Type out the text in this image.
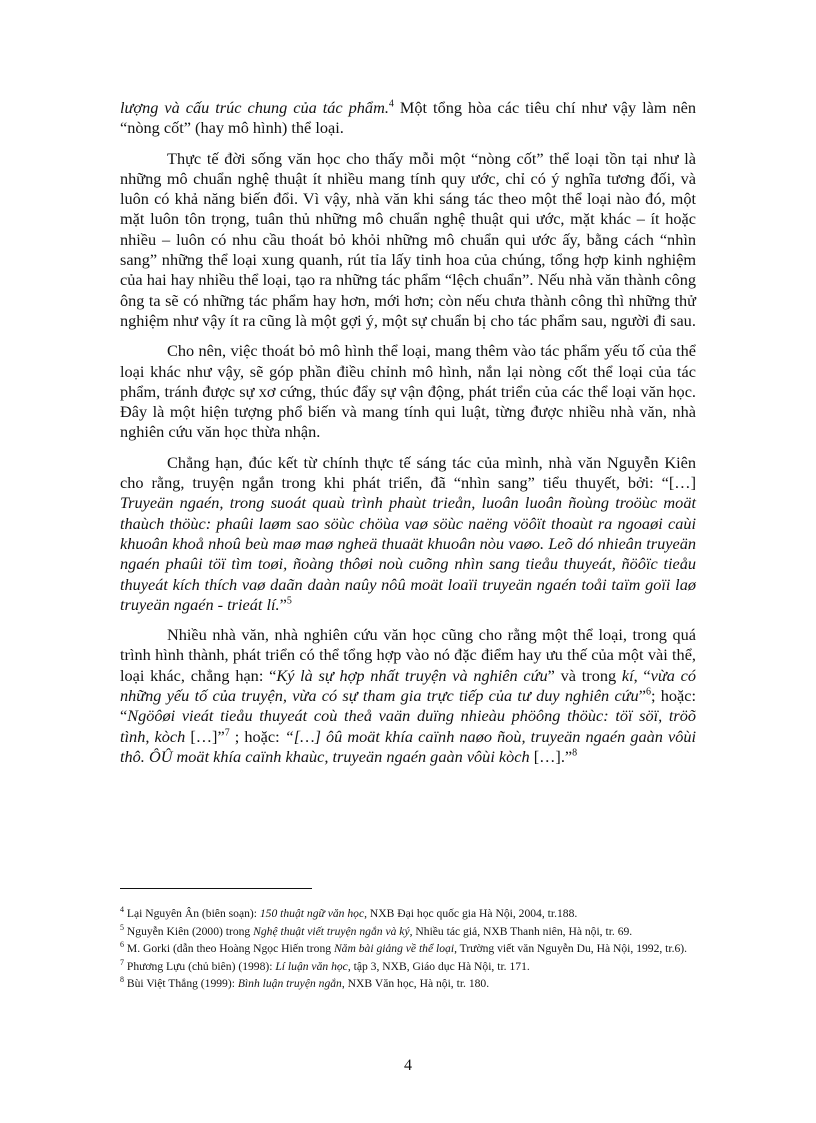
lượng và cấu trúc chung của tác phẩm.$^4$ Một tổng hòa các tiêu chí như vậy làm nên “nòng cốt” (hay mô hình) thể loại.

Thực tế đời sống văn học cho thấy mỗi một “nòng cốt” thể loại tồn tại như là những mô chuẩn nghệ thuật ít nhiều mang tính quy ước, chỉ có ý nghĩa tương đối, và luôn có khả năng biến đổi. Vì vậy, nhà văn khi sáng tác theo một thể loại nào đó, một mặt luôn tôn trọng, tuân thủ những mô chuẩn nghệ thuật qui ước, mặt khác – ít hoặc nhiều – luôn có nhu cầu thoát bỏ khỏi những mô chuẩn qui ước ấy, bằng cách “nhìn sang” những thể loại xung quanh, rút tỉa lấy tinh hoa của chúng, tổng hợp kinh nghiệm của hai hay nhiều thể loại, tạo ra những tác phẩm “lệch chuẩn”. Nếu nhà văn thành công ông ta sẽ có những tác phẩm hay hơn, mới hơn; còn nếu chưa thành công thì những thử nghiệm như vậy ít ra cũng là một gợi ý, một sự chuẩn bị cho tác phẩm sau, người đi sau.

Cho nên, việc thoát bỏ mô hình thể loại, mang thêm vào tác phẩm yếu tố của thể loại khác như vậy, sẽ góp phần điều chỉnh mô hình, nắn lại nòng cốt thể loại của tác phẩm, tránh được sự xơ cứng, thúc đẩy sự vận động, phát triển của các thể loại văn học. Đây là một hiện tượng phổ biến và mang tính qui luật, từng được nhiều nhà văn, nhà nghiên cứu văn học thừa nhận.

Chẳng hạn, đúc kết từ chính thực tế sáng tác của mình, nhà văn Nguyễn Kiên cho rằng, truyện ngắn trong khi phát triển, đã “nhìn sang” tiểu thuyết, bởi: “[…] Truyeän ngaén, trong suoát quaù trình phaùt trieån, luoân luoân ñoùng troöùc moät thaùch thöùc: phaûi laøm sao söùc chöùa vaø söùc naëng vöôït thoaùt ra ngoaøi caùi khuoân khoå nhoû beù maø maø ngheä thuaät khuoân nòu vaøo. Leõ dó nhieân truyeän ngaén phaûi töï tìm toøi, ñoàng thôøi noù cuõng nhìn sang tieåu thuyeát, ñöôïc tieåu thuyeát kích thích vaø daãn daàn naûy nôû moät loaïi truyeän ngaén toåi taïm goïi laø truyeän ngaén - trieát lí.”$^5$

Nhiều nhà văn, nhà nghiên cứu văn học cũng cho rằng một thể loại, trong quá trình hình thành, phát triển có thể tổng hợp vào nó đặc điểm hay ưu thế của một vài thể, loại khác, chẳng hạn: “Ký là sự hợp nhất truyện và nghiên cứu” và trong kí, “vừa có những yếu tố của truyện, vừa có sự tham gia trực tiếp của tư duy nghiên cứu”$^6$; hoặc: “Ngöôøi vieát tieåu thuyeát coù theå vaän duïng nhieàu phöông thöùc: töï söï, tröõ tình, kòch […]”$^7$ ; hoặc: “[…] ôû moät khía caïnh naøo ñoù, truyeän ngaén gaàn vôùi thô. ÔÛ moät khía caïnh khaùc, truyeän ngaén gaàn vôùi kòch […].”$^8$

$^4$ Lại Nguyên Ân (biên soạn): 150 thuật ngữ văn học, NXB Đại học quốc gia Hà Nội, 2004, tr.188.

$^5$ Nguyễn Kiên (2000) trong Nghệ thuật viết truyện ngắn và ký, Nhiều tác giả, NXB Thanh niên, Hà nội, tr. 69.

$^6$ M. Gorki (dẫn theo Hoàng Ngọc Hiến trong Năm bài giảng về thể loại, Trường viết văn Nguyễn Du, Hà Nội, 1992, tr.6).

$^7$ Phương Lựu (chủ biên) (1998): Lí luận văn học, tập 3, NXB, Giáo dục Hà Nội, tr. 171.

$^8$ Bùi Việt Thắng (1999): Bình luận truyện ngắn, NXB Văn học, Hà nội, tr. 180.

4
